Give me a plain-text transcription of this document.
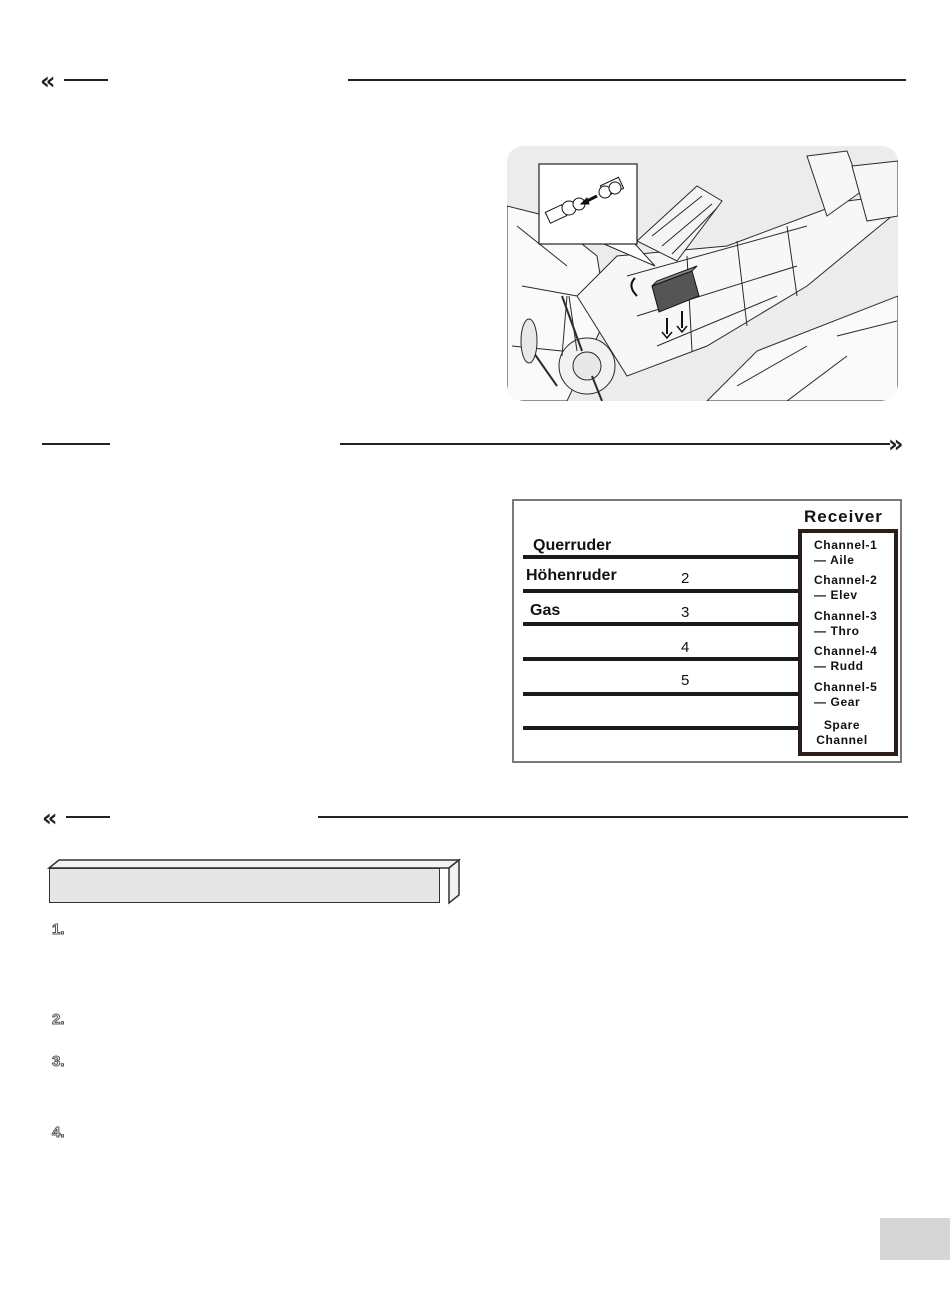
«
»
Receiver
Querruder
Höhenruder
Gas
2
3
4
5
Channel-1
— Aile
Channel-2
— Elev
Channel-3
— Thro
Channel-4
— Rudd
Channel-5
— Gear
Spare
Channel
«
1.
2.
3.
4.
